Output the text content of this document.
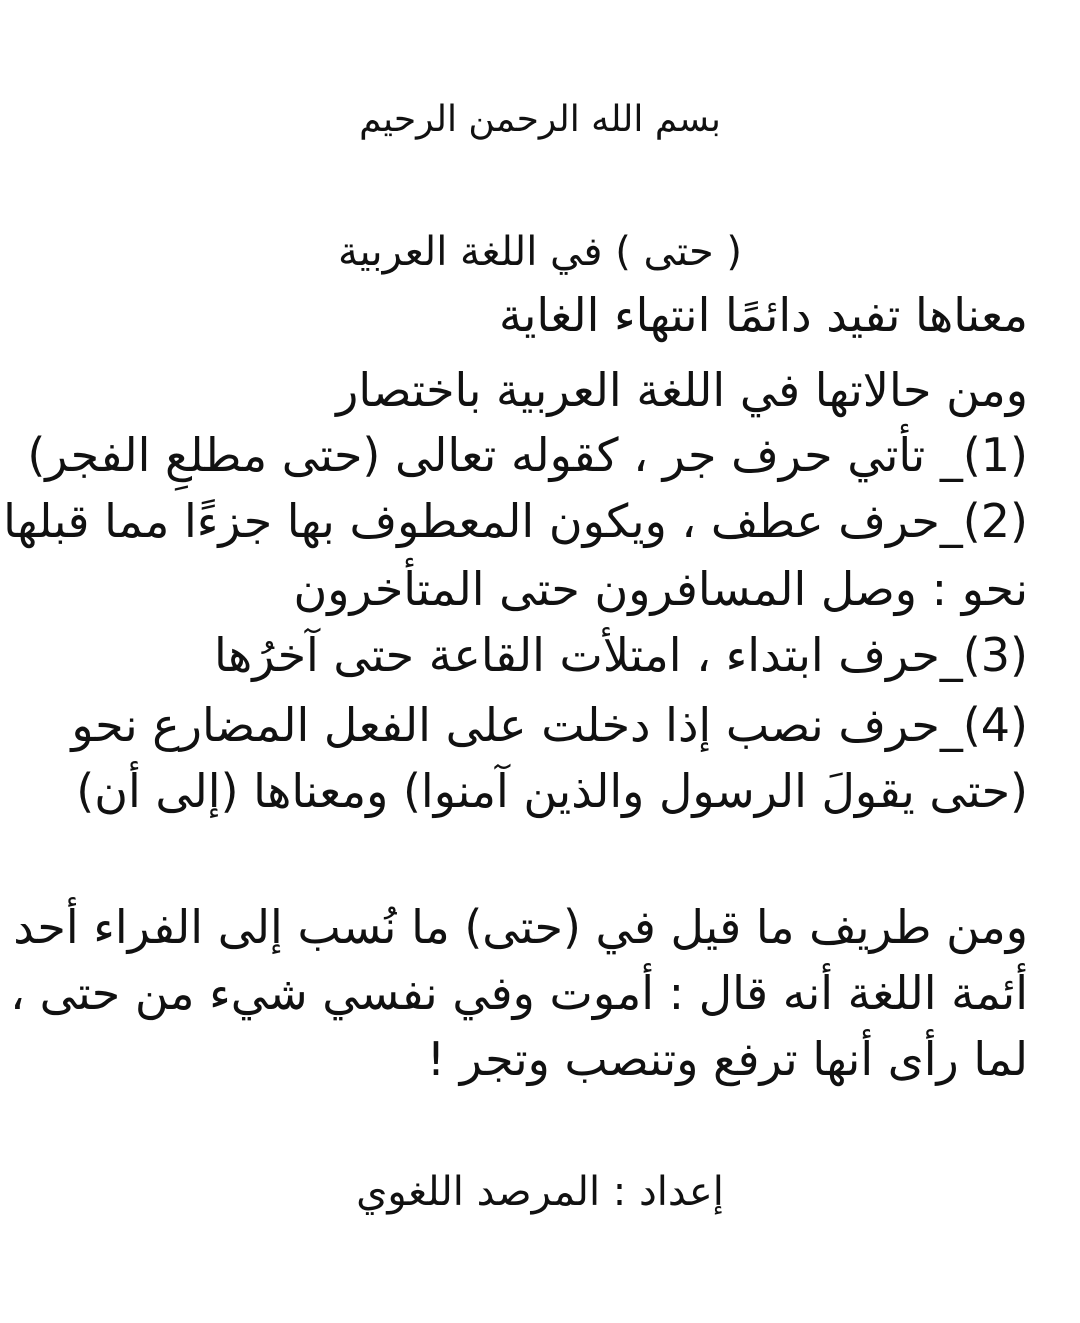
بسم الله الرحمن الرحيم

( حتى ) في اللغة العربية

معناها تفيد دائمًا انتهاء الغاية

ومن حالاتها في اللغة العربية باختصار

(1)_ تأتي حرف جر ، كقوله تعالى (حتى مطلعِ الفجر)

(2)_حرف عطف ، ويكون المعطوف بها جزءًا مما قبلها

نحو : وصل المسافرون حتى المتأخرون

(3)_حرف ابتداء ، امتلأت القاعة حتى آخرُها

(4)_حرف نصب إذا دخلت على الفعل المضارع نحو

(حتى يقولَ الرسول والذين آمنوا) ومعناها (إلى أن)

ومن طريف ما قيل في (حتى) ما نُسب إلى الفراء أحد

أئمة اللغة أنه قال : أموت وفي نفسي شيء من حتى ،

لما رأى أنها ترفع وتنصب وتجر !

إعداد : المرصد اللغوي
